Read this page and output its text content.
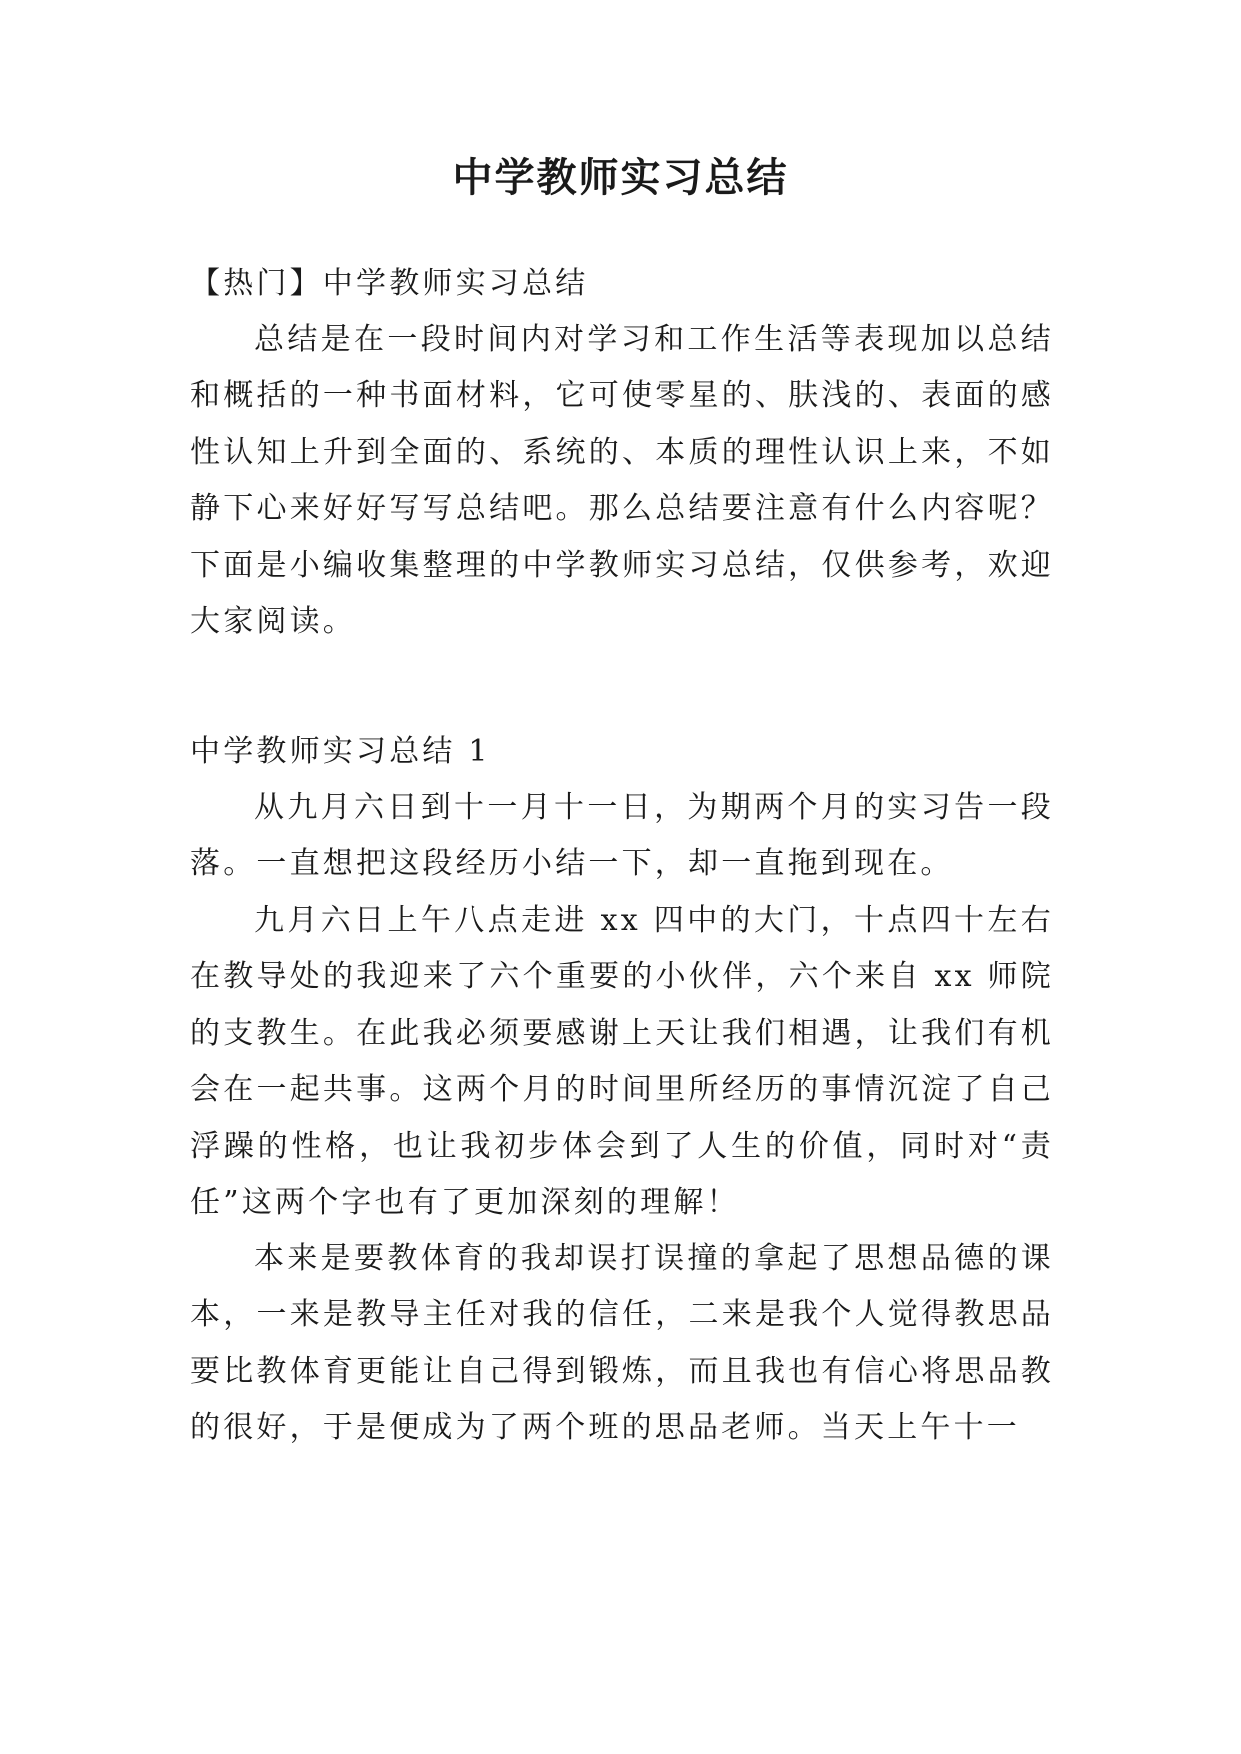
中学教师实习总结

【热门】中学教师实习总结

总结是在一段时间内对学习和工作生活等表现加以总结和概括的一种书面材料，它可使零星的、肤浅的、表面的感性认知上升到全面的、系统的、本质的理性认识上来，不如静下心来好好写写总结吧。那么总结要注意有什么内容呢？下面是小编收集整理的中学教师实习总结，仅供参考，欢迎大家阅读。

中学教师实习总结 1

从九月六日到十一月十一日，为期两个月的实习告一段落。一直想把这段经历小结一下，却一直拖到现在。

九月六日上午八点走进 xx 四中的大门，十点四十左右在教导处的我迎来了六个重要的小伙伴，六个来自 xx 师院的支教生。在此我必须要感谢上天让我们相遇，让我们有机会在一起共事。这两个月的时间里所经历的事情沉淀了自己浮躁的性格，也让我初步体会到了人生的价值，同时对“责任”这两个字也有了更加深刻的理解！

本来是要教体育的我却误打误撞的拿起了思想品德的课本，一来是教导主任对我的信任，二来是我个人觉得教思品要比教体育更能让自己得到锻炼，而且我也有信心将思品教的很好，于是便成为了两个班的思品老师。当天上午十一
